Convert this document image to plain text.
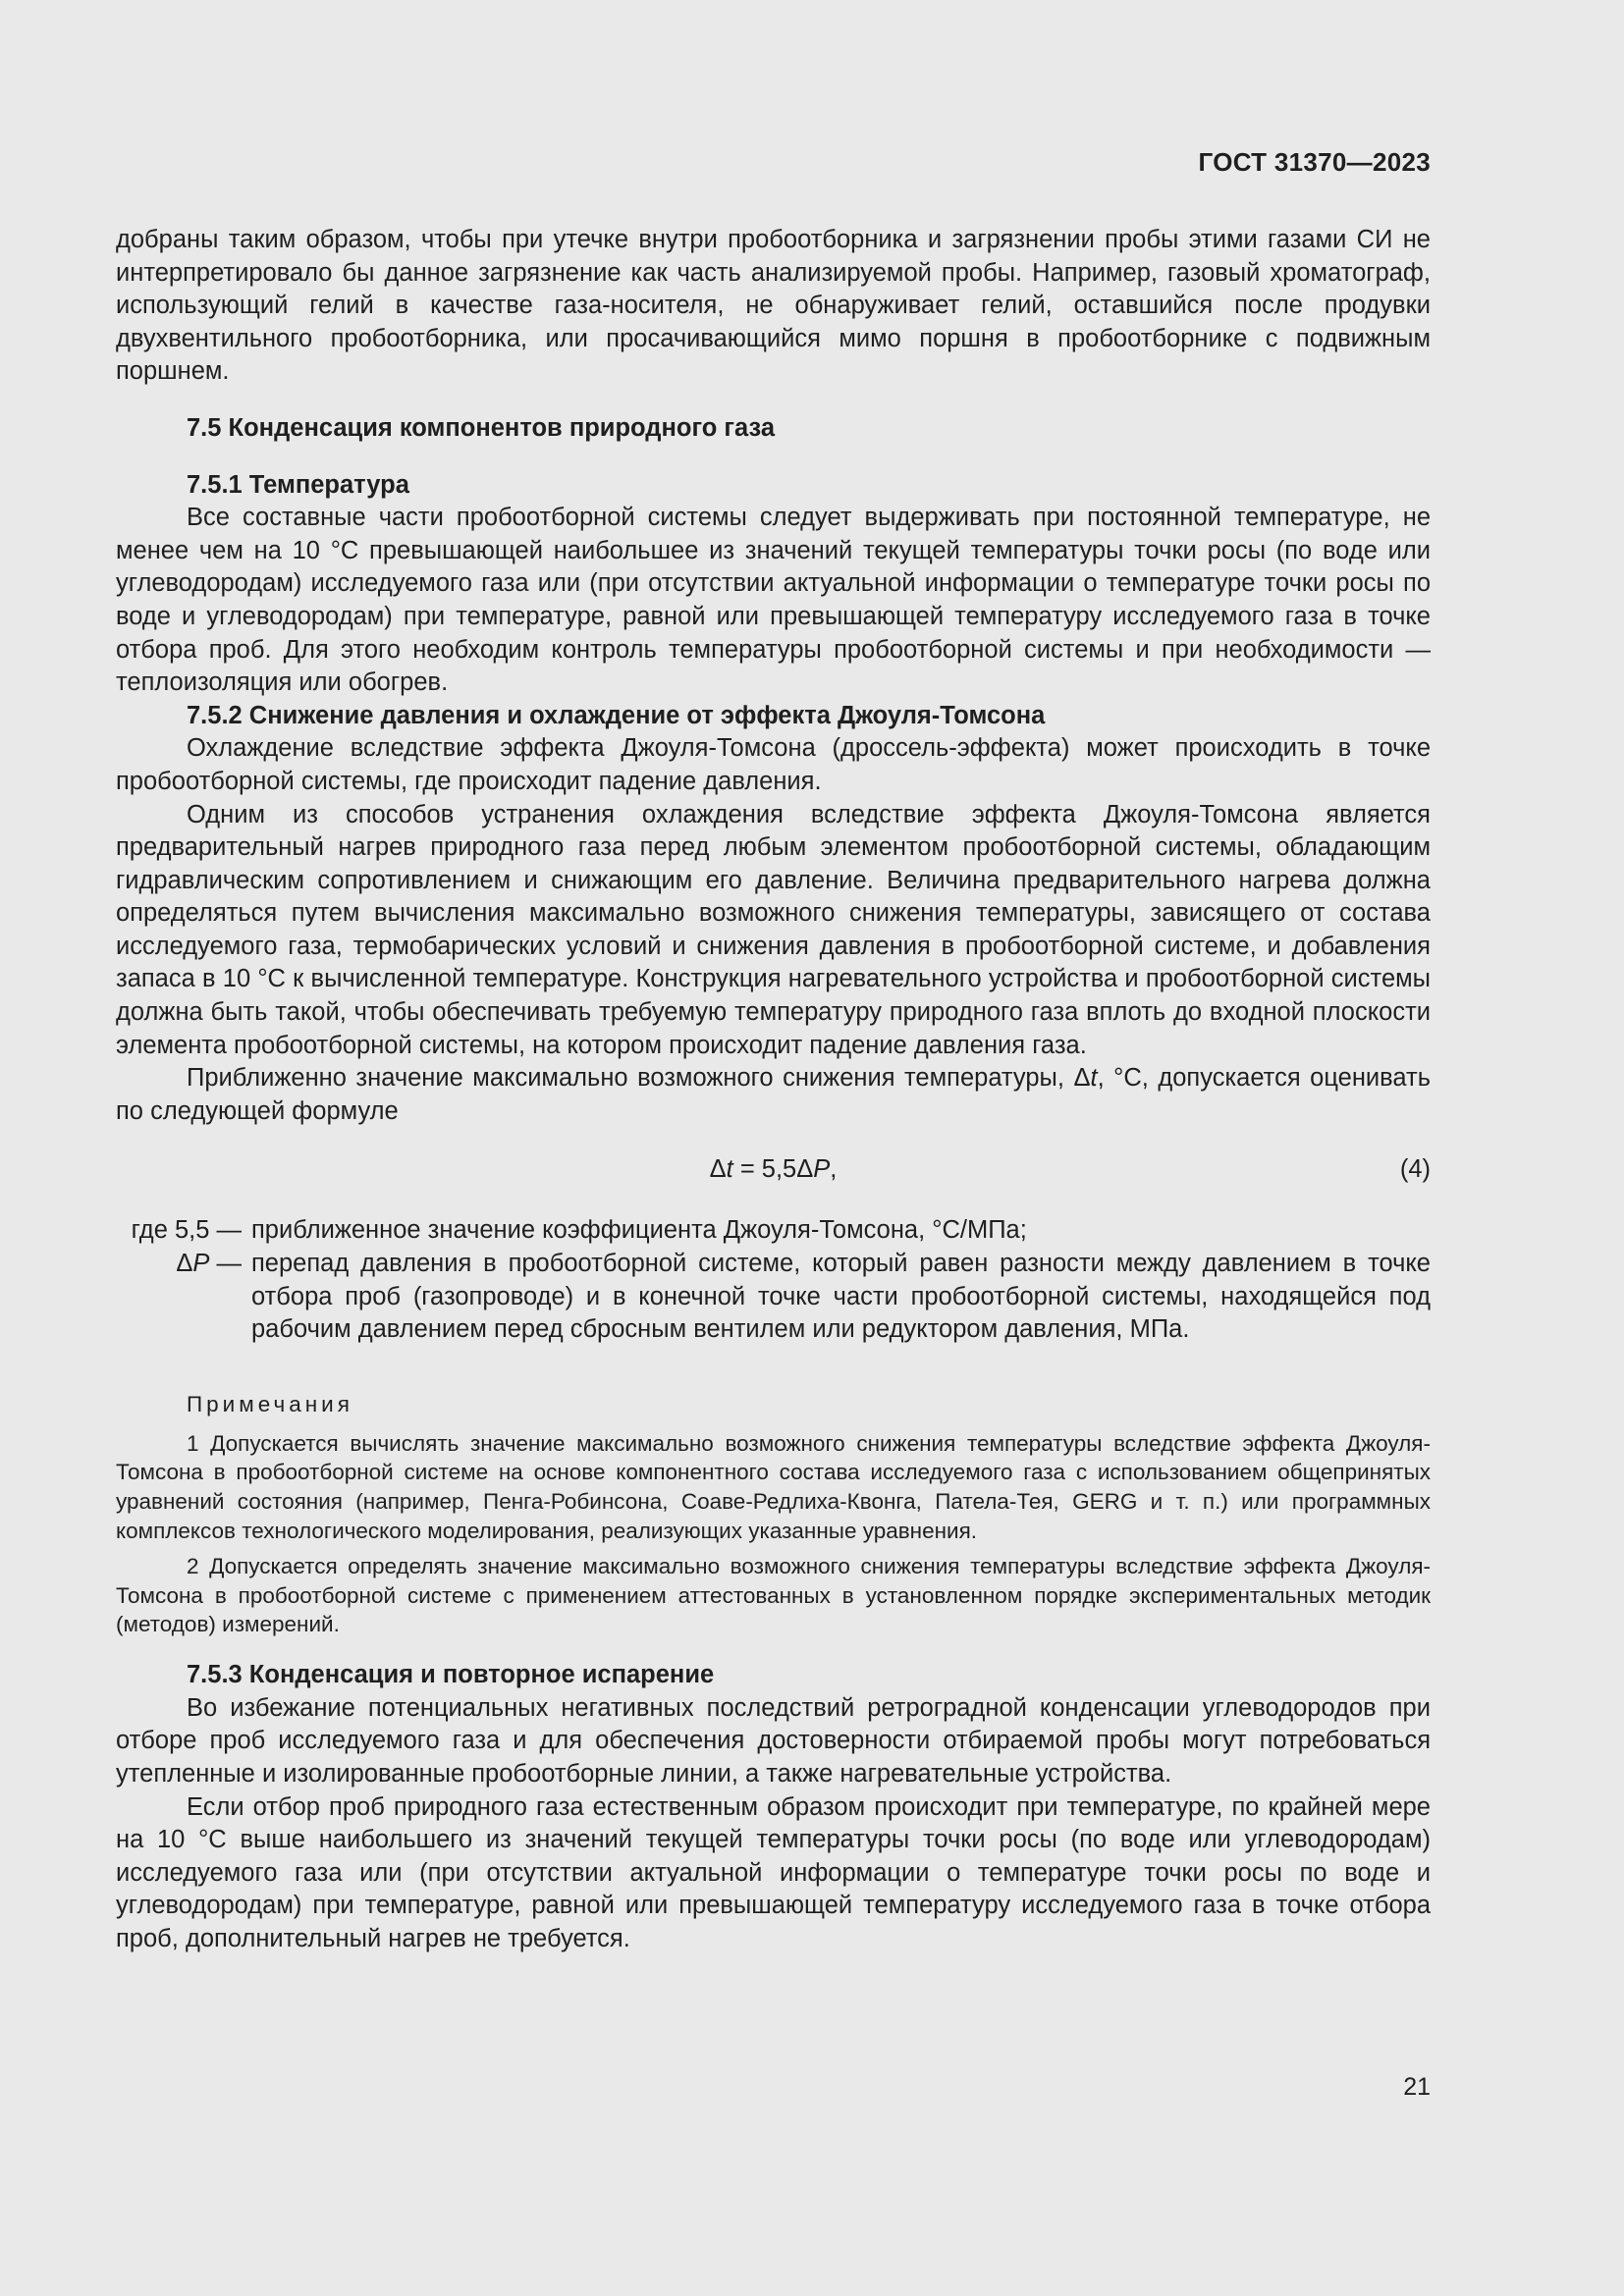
ГОСТ 31370—2023

добраны таким образом, чтобы при утечке внутри пробоотборника и загрязнении пробы этими газами СИ не интерпретировало бы данное загрязнение как часть анализируемой пробы. Например, газовый хроматограф, использующий гелий в качестве газа-носителя, не обнаруживает гелий, оставшийся после продувки двухвентильного пробоотборника, или просачивающийся мимо поршня в пробоотборнике с подвижным поршнем.

7.5 Конденсация компонентов природного газа

7.5.1 Температура

Все составные части пробоотборной системы следует выдерживать при постоянной температуре, не менее чем на 10 °С превышающей наибольшее из значений текущей температуры точки росы (по воде или углеводородам) исследуемого газа или (при отсутствии актуальной информации о температуре точки росы по воде и углеводородам) при температуре, равной или превышающей температуру исследуемого газа в точке отбора проб. Для этого необходим контроль температуры пробоотборной системы и при необходимости — теплоизоляция или обогрев.

7.5.2 Снижение давления и охлаждение от эффекта Джоуля-Томсона

Охлаждение вследствие эффекта Джоуля-Томсона (дроссель-эффекта) может происходить в точке пробоотборной системы, где происходит падение давления.

Одним из способов устранения охлаждения вследствие эффекта Джоуля-Томсона является предварительный нагрев природного газа перед любым элементом пробоотборной системы, обладающим гидравлическим сопротивлением и снижающим его давление. Величина предварительного нагрева должна определяться путем вычисления максимально возможного снижения температуры, зависящего от состава исследуемого газа, термобарических условий и снижения давления в пробоотборной системе, и добавления запаса в 10 °С к вычисленной температуре. Конструкция нагревательного устройства и пробоотборной системы должна быть такой, чтобы обеспечивать требуемую температуру природного газа вплоть до входной плоскости элемента пробоотборной системы, на котором происходит падение давления газа.

Приближенно значение максимально возможного снижения температуры, Δt, °С, допускается оценивать по следующей формуле

Δt = 5,5ΔP,	(4)
где 5,5 — приближенное значение коэффициента Джоуля-Томсона, °С/МПа;
ΔP — перепад давления в пробоотборной системе, который равен разности между давлением в точке отбора проб (газопроводе) и в конечной точке части пробоотборной системы, находящейся под рабочим давлением перед сбросным вентилем или редуктором давления, МПа.
Примечания

1 Допускается вычислять значение максимально возможного снижения температуры вследствие эффекта Джоуля-Томсона в пробоотборной системе на основе компонентного состава исследуемого газа с использованием общепринятых уравнений состояния (например, Пенга-Робинсона, Соаве-Редлиха-Квонга, Патела-Тея, GERG и т. п.) или программных комплексов технологического моделирования, реализующих указанные уравнения.

2 Допускается определять значение максимально возможного снижения температуры вследствие эффекта Джоуля-Томсона в пробоотборной системе с применением аттестованных в установленном порядке экспериментальных методик (методов) измерений.

7.5.3 Конденсация и повторное испарение

Во избежание потенциальных негативных последствий ретроградной конденсации углеводородов при отборе проб исследуемого газа и для обеспечения достоверности отбираемой пробы могут потребоваться утепленные и изолированные пробоотборные линии, а также нагревательные устройства.

Если отбор проб природного газа естественным образом происходит при температуре, по крайней мере на 10 °С выше наибольшего из значений текущей температуры точки росы (по воде или углеводородам) исследуемого газа или (при отсутствии актуальной информации о температуре точки росы по воде и углеводородам) при температуре, равной или превышающей температуру исследуемого газа в точке отбора проб, дополнительный нагрев не требуется.

21
